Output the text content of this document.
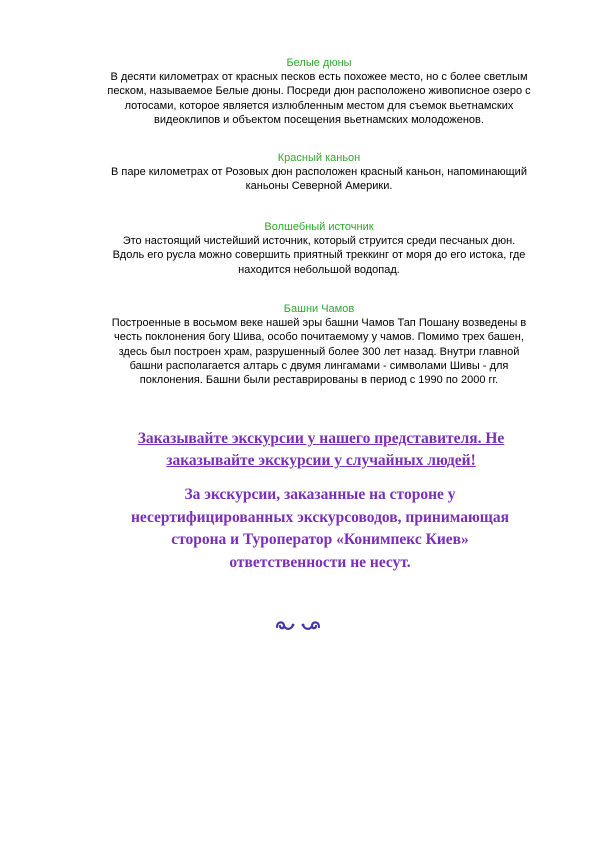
Белые дюны

В десяти километрах от красных песков есть похожее место, но с более светлым
песком, называемое Белые дюны. Посреди дюн расположено живописное озеро с
лотосами, которое является излюбленным местом для съемок вьетнамских
видеоклипов и объектом посещения вьетнамских молодоженов.

Красный каньон

В паре километрах от Розовых дюн расположен красный каньон, напоминающий
каньоны Северной Америки.

Волшебный источник

Это настоящий чистейший источник, который струится среди песчаных дюн.
Вдоль его русла можно совершить приятный треккинг от моря до его истока, где
находится небольшой водопад.

Башни Чамов

Построенные в восьмом веке нашей эры башни Чамов Тап Пошану возведены в
честь поклонения богу Шива, особо почитаемому у чамов. Помимо трех башен,
здесь был построен храм, разрушенный более 300 лет назад. Внутри главной
башни располагается алтарь с двумя лингамами - символами Шивы - для
поклонения. Башни были реставрированы в период с 1990 по 2000 гг.

Заказывайте экскурсии у нашего представителя. Не
заказывайте экскурсии у случайных людей!
За экскурсии, заказанные на стороне у
несертифицированных экскурсоводов, принимающая
сторона и Туроператор «Конимпекс Киев»
ответственности не несут.
